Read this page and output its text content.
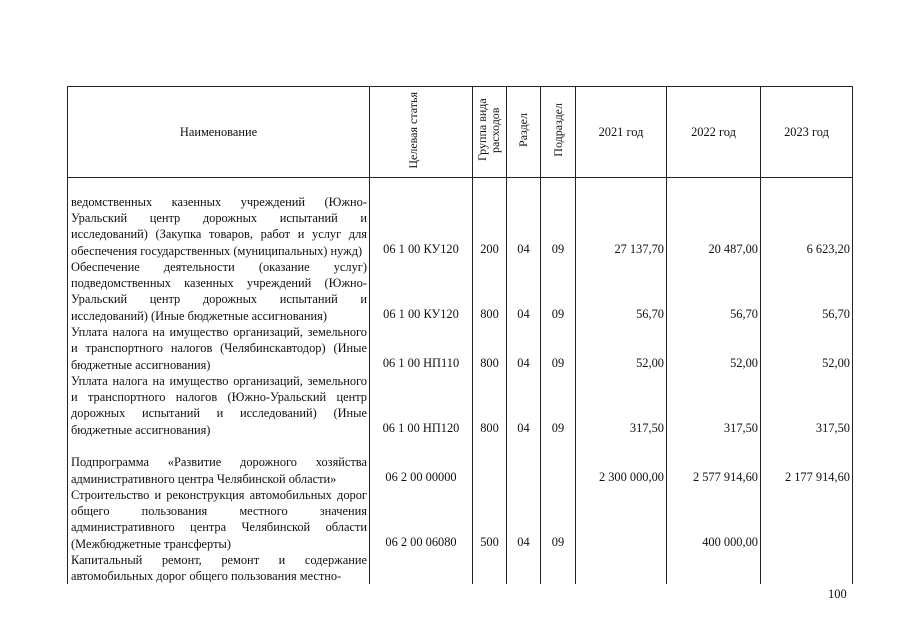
Наименование	Целевая статья	Группа вида расходов	Раздел	Подраздел	2021 год	2022 год	2023 год
ведомственных казенных учреждений (Южно-Уральский центр дорожных испытаний и исследований) (Закупка товаров, работ и услуг для обеспечения государственных (муниципальных) нужд)	06 1 00 КУ120	200	04	09	27 137,70	20 487,00	6 623,20
Обеспечение деятельности (оказание услуг) подведомственных казенных учреждений (Южно-Уральский центр дорожных испытаний и исследований) (Иные бюджетные ассигнования)	06 1 00 КУ120	800	04	09	56,70	56,70	56,70
Уплата налога на имущество организаций, земельного и транспортного налогов (Челябинскавтодор) (Иные бюджетные ассигнования)	06 1 00 НП110	800	04	09	52,00	52,00	52,00
Уплата налога на имущество организаций, земельного и транспортного налогов (Южно-Уральский центр дорожных испытаний и исследований) (Иные бюджетные ассигнования)	06 1 00 НП120	800	04	09	317,50	317,50	317,50
Подпрограмма «Развитие дорожного хозяйства административного центра Челябинской области»	06 2 00 00000				2 300 000,00	2 577 914,60	2 177 914,60
Строительство и реконструкция автомобильных дорог общего пользования местного значения административного центра Челябинской области (Межбюджетные трансферты)	06 2 00 06080	500	04	09		400 000,00	
Капитальный ремонт, ремонт и содержание автомобильных дорог общего пользования местно-							
100
